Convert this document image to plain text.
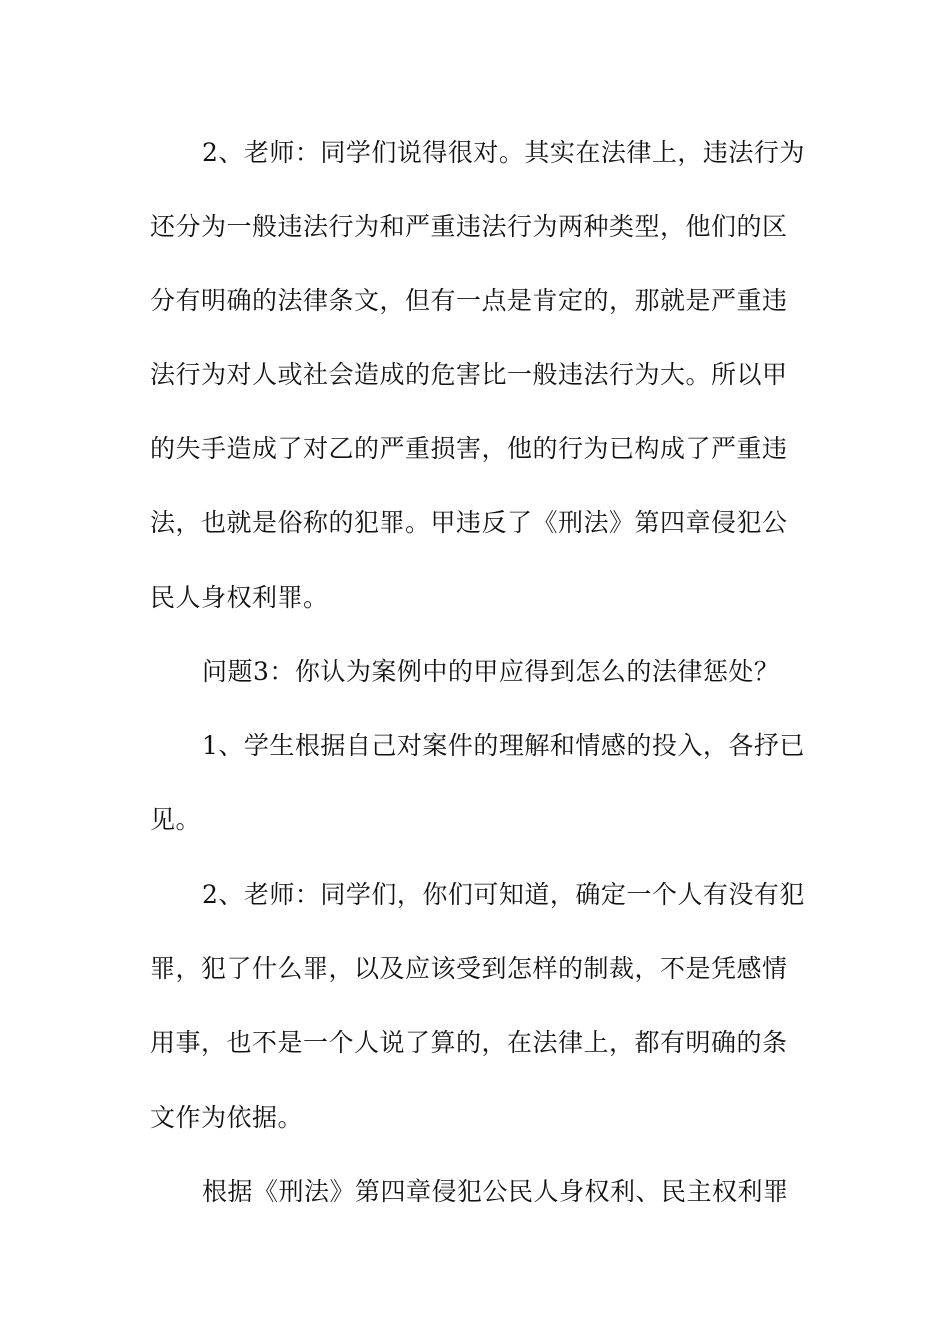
2、老师：同学们说得很对。其实在法律上，违法行为
还分为一般违法行为和严重违法行为两种类型，他们的区
分有明确的法律条文，但有一点是肯定的，那就是严重违
法行为对人或社会造成的危害比一般违法行为大。所以甲
的失手造成了对乙的严重损害，他的行为已构成了严重违
法，也就是俗称的犯罪。甲违反了《刑法》第四章侵犯公
民人身权利罪。
问题3：你认为案例中的甲应得到怎么的法律惩处？
1、学生根据自己对案件的理解和情感的投入，各抒已
见。
2、老师：同学们，你们可知道，确定一个人有没有犯
罪，犯了什么罪，以及应该受到怎样的制裁，不是凭感情
用事，也不是一个人说了算的，在法律上，都有明确的条
文作为依据。
根据《刑法》第四章侵犯公民人身权利、民主权利罪
